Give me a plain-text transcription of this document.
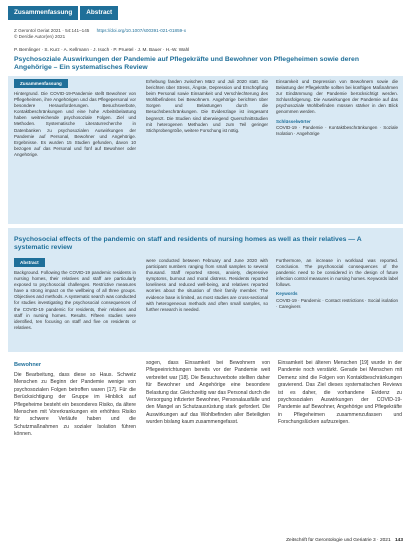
Zusammenfassung	Abstract
Z Gerontol Geriat 2021 · 54:141–145 https://doi.org/10.1007/s00391-021-01859-x
© Der/die Autor(en) 2021
P. Bemlinger · S. Kurz · A. Kellmann · J. Isoch · P. Pruetel · J. M. Bauer · H.-W. Wahl
Psychosoziale Auswirkungen der Pandemie auf Pflegekräfte und Bewohner von Pflegeheimen sowie deren Angehörige – Ein systematisches Review
Zusammenfassung
Hintergrund. Die COVID-19-Pandemie stellt Bewohner von Pflegeheimen, ihre Angehörigen und das Pflegepersonal vor besondere Herausforderungen. Besuchsverbote, Kontaktbeschränkungen und eine hohe Arbeitsbelastung haben weitreichende psychosoziale Folgen. Ziel und Methoden. Systematische Literaturrecherche in Datenbanken zu psychosozialen Auswirkungen der Pandemie auf Personal, Bewohner und Angehörige. Ergebnisse. Es wurden 15 Studien gefunden, davon 10 bezogen auf das Personal und fünf auf Bewohner oder Angehörige.
Erhebung fanden zwischen März und Juli 2020 statt. Sie berichten über Stress, Ängste, Depression und Erschöpfung beim Personal sowie Einsamkeit und Verschlechterung des Wohlbefindens bei Bewohnern. Angehörige berichten über Sorgen und Belastungen durch die Besuchsbeschränkungen. Die Evidenzlage ist insgesamt begrenzt. Die Studien sind überwiegend Querschnittstudien mit heterogenen Methoden und zum Teil geringer Stichprobengröße, weitere Forschung ist nötig.
Einsamkeit und Depression von Bewohnern sowie die Belastung der Pflegekräfte sollten bei künftigen Maßnahmen zur Eindämmung der Pandemie berücksichtigt werden. Schlussfolgerung. Die Auswirkungen der Pandemie auf das psychosoziale Wohlbefinden müssen stärker in den Blick genommen werden.
Schlüsselwörter
COVID-19 · Pandemie · Kontaktbeschränkungen · Soziale Isolation · Angehörige
Abstract
Background. Following the COVID-19 pandemic residents in nursing homes, their relatives and staff are particularly exposed to psychosocial challenges. Restrictive measures have a strong impact on the wellbeing of all three groups. Objectives and methods. A systematic search was conducted for studies investigating the psychosocial consequences of the COVID-19 pandemic for residents, their relatives and staff in nursing homes. Results. Fifteen studies were identified, ten focusing on staff and five on residents or relatives.
were conducted between February and June 2020 with participant numbers ranging from small samples to several thousand. Staff reported stress, anxiety, depressive symptoms, burnout and moral distress. Residents reported loneliness and reduced well-being, and relatives reported worries about the situation of their family member. The evidence base is limited, as most studies are cross-sectional with heterogeneous methods and often small samples, so further research is needed.
Furthermore, an increase in workload was reported. Conclusion. The psychosocial consequences of the pandemic need to be considered in the design of future infection control measures in nursing homes. Keywords label follows.
Keywords
COVID-19 · Pandemic · Contact restrictions · Social isolation · Caregivers
Psychosocial effects of the pandemic on staff and residents of nursing homes as well as their relatives — A systematic review
Bewohner
Die Bearbeitung, dass diese so Haus. Schweiz Menschen zu Beginn der Pandemie wenige von psychosozialen Folgen betroffen waren [17]. Für die Berücksichtigung der Gruppe im Hinblick auf Pflegeheime besteht ein besonderes Risiko, da ältere Menschen mit Vorerkrankungen ein erhöhtes Risiko für schwere Verläufe haben und die Schutzmaßnahmen zu sozialer Isolation führen können.
sogen, dass Einsamkeit bei Bewohnern von Pflegeeinrichtungen bereits vor der Pandemie weit verbreitet war [18]. Die Besuchsverbote stellten daher für Bewohner und Angehörige eine besondere Belastung dar. Gleichzeitig war das Personal durch die Versorgung infizierter Bewohner, Personalausfälle und den Mangel an Schutzausrüstung stark gefordert. Die Auswirkungen auf das Wohlbefinden aller Beteiligten wurden bislang kaum zusammengefasst.
Einsamkeit bei älteren Menschen [19] wurde in der Pandemie noch verstärkt. Gerade bei Menschen mit Demenz sind die Folgen von Kontaktbeschränkungen gravierend. Das Ziel dieses systematischen Reviews ist es daher, die vorhandene Evidenz zu psychosozialen Auswirkungen der COVID-19-Pandemie auf Bewohner, Angehörige und Pflegekräfte in Pflegeheimen zusammenzufassen und Forschungslücken aufzuzeigen.
Zeitschrift für Gerontologie und Geriatrie 3 · 2021 143
